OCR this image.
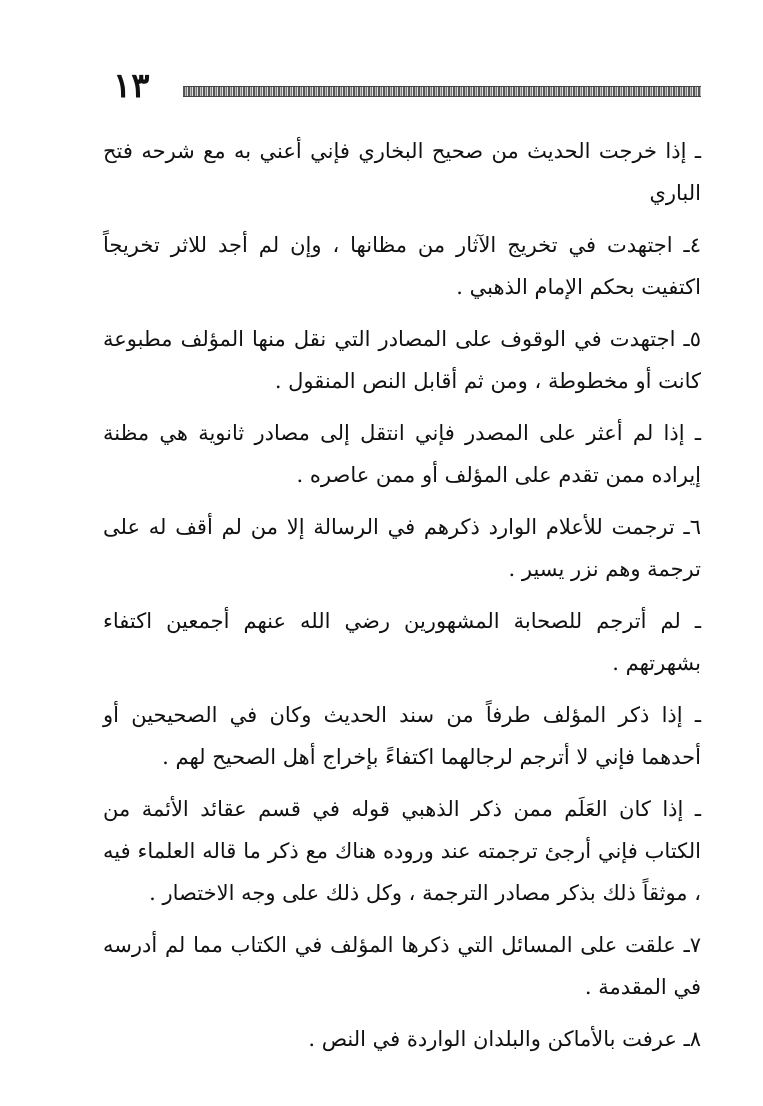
١٣

ـ إذا خرجت الحديث من صحيح البخاري فإني أعني به مع شرحه فتح الباري

٤ـ اجتهدت في تخريج الآثار من مظانها ، وإن لم أجد للاثر تخريجاً اكتفيت بحكم الإمام الذهبي .

٥ـ اجتهدت في الوقوف على المصادر التي نقل منها المؤلف مطبوعة كانت أو مخطوطة ، ومن ثم أقابل النص المنقول .

ـ إذا لم أعثر على المصدر فإني انتقل إلى مصادر ثانوية هي مظنة إيراده ممن تقدم على المؤلف أو ممن عاصره .

٦ـ ترجمت للأعلام الوارد ذكرهم في الرسالة إلا من لم أقف له على ترجمة وهم نزر يسير .

ـ لم أترجم للصحابة المشهورين رضي الله عنهم أجمعين اكتفاء بشهرتهم .

ـ إذا ذكر المؤلف طرفاً من سند الحديث وكان في الصحيحين أو أحدهما فإني لا أترجم لرجالهما اكتفاءً بإخراج أهل الصحيح لهم .

ـ إذا كان العَلَم ممن ذكر الذهبي قوله في قسم عقائد الأئمة من الكتاب فإني أرجئ ترجمته عند وروده هناك مع ذكر ما قاله العلماء فيه ، موثقاً ذلك بذكر مصادر الترجمة ، وكل ذلك على وجه الاختصار .

٧ـ علقت على المسائل التي ذكرها المؤلف في الكتاب مما لم أدرسه في المقدمة .

٨ـ عرفت بالأماكن والبلدان الواردة في النص .
